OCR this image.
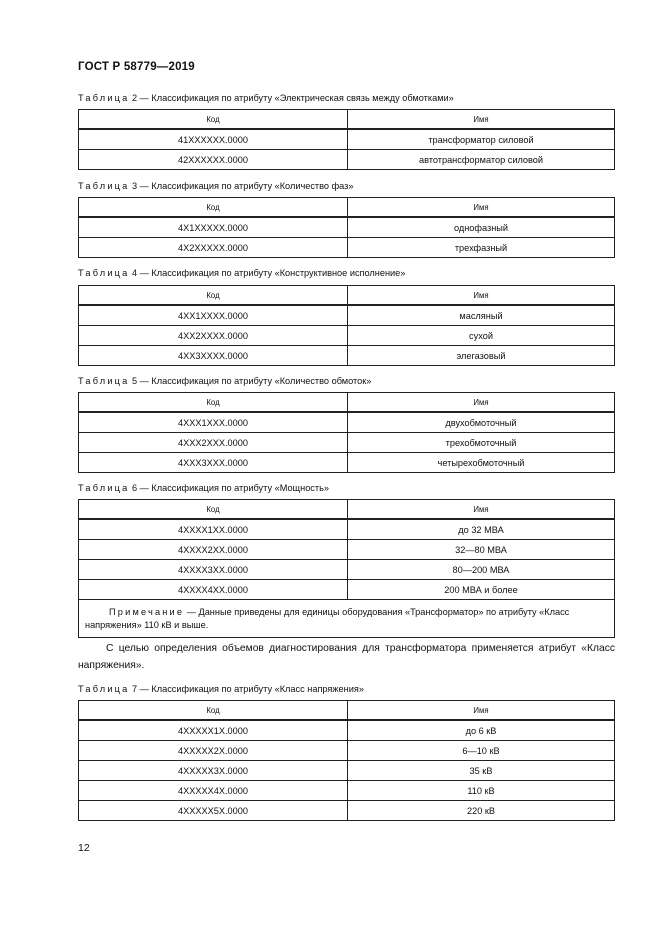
ГОСТ Р 58779—2019
Таблица 2 — Классификация по атрибуту «Электрическая связь между обмотками»
Код	Имя
41XXXXXX.0000	трансформатор силовой
42XXXXXX.0000	автотрансформатор силовой
Таблица 3 — Классификация по атрибуту «Количество фаз»
Код	Имя
4X1XXXXX.0000	однофазный
4X2XXXXX.0000	трехфазный
Таблица 4 — Классификация по атрибуту «Конструктивное исполнение»
Код	Имя
4XX1XXXX.0000	масляный
4XX2XXXX.0000	сухой
4XX3XXXX.0000	элегазовый
Таблица 5 — Классификация по атрибуту «Количество обмоток»
Код	Имя
4XXX1XXX.0000	двухобмоточный
4XXX2XXX.0000	трехобмоточный
4XXX3XXX.0000	четырехобмоточный
Таблица 6 — Классификация по атрибуту «Мощность»
Код	Имя
4XXXX1XX.0000	до 32 МВА
4XXXX2XX.0000	32—80 МВА
4XXXX3XX.0000	80—200 МВА
4XXXX4XX.0000	200 МВА и более
Примечание — Данные приведены для единицы оборудования «Трансформатор» по атрибуту «Класс напряжения» 110 кВ и выше.	
С целью определения объемов диагностирования для трансформатора применяется атрибут «Класс напряжения».
Таблица 7 — Классификация по атрибуту «Класс напряжения»
Код	Имя
4XXXXX1X.0000	до 6 кВ
4XXXXX2X.0000	6—10 кВ
4XXXXX3X.0000	35 кВ
4XXXXX4X.0000	110 кВ
4XXXXX5X.0000	220 кВ
12
